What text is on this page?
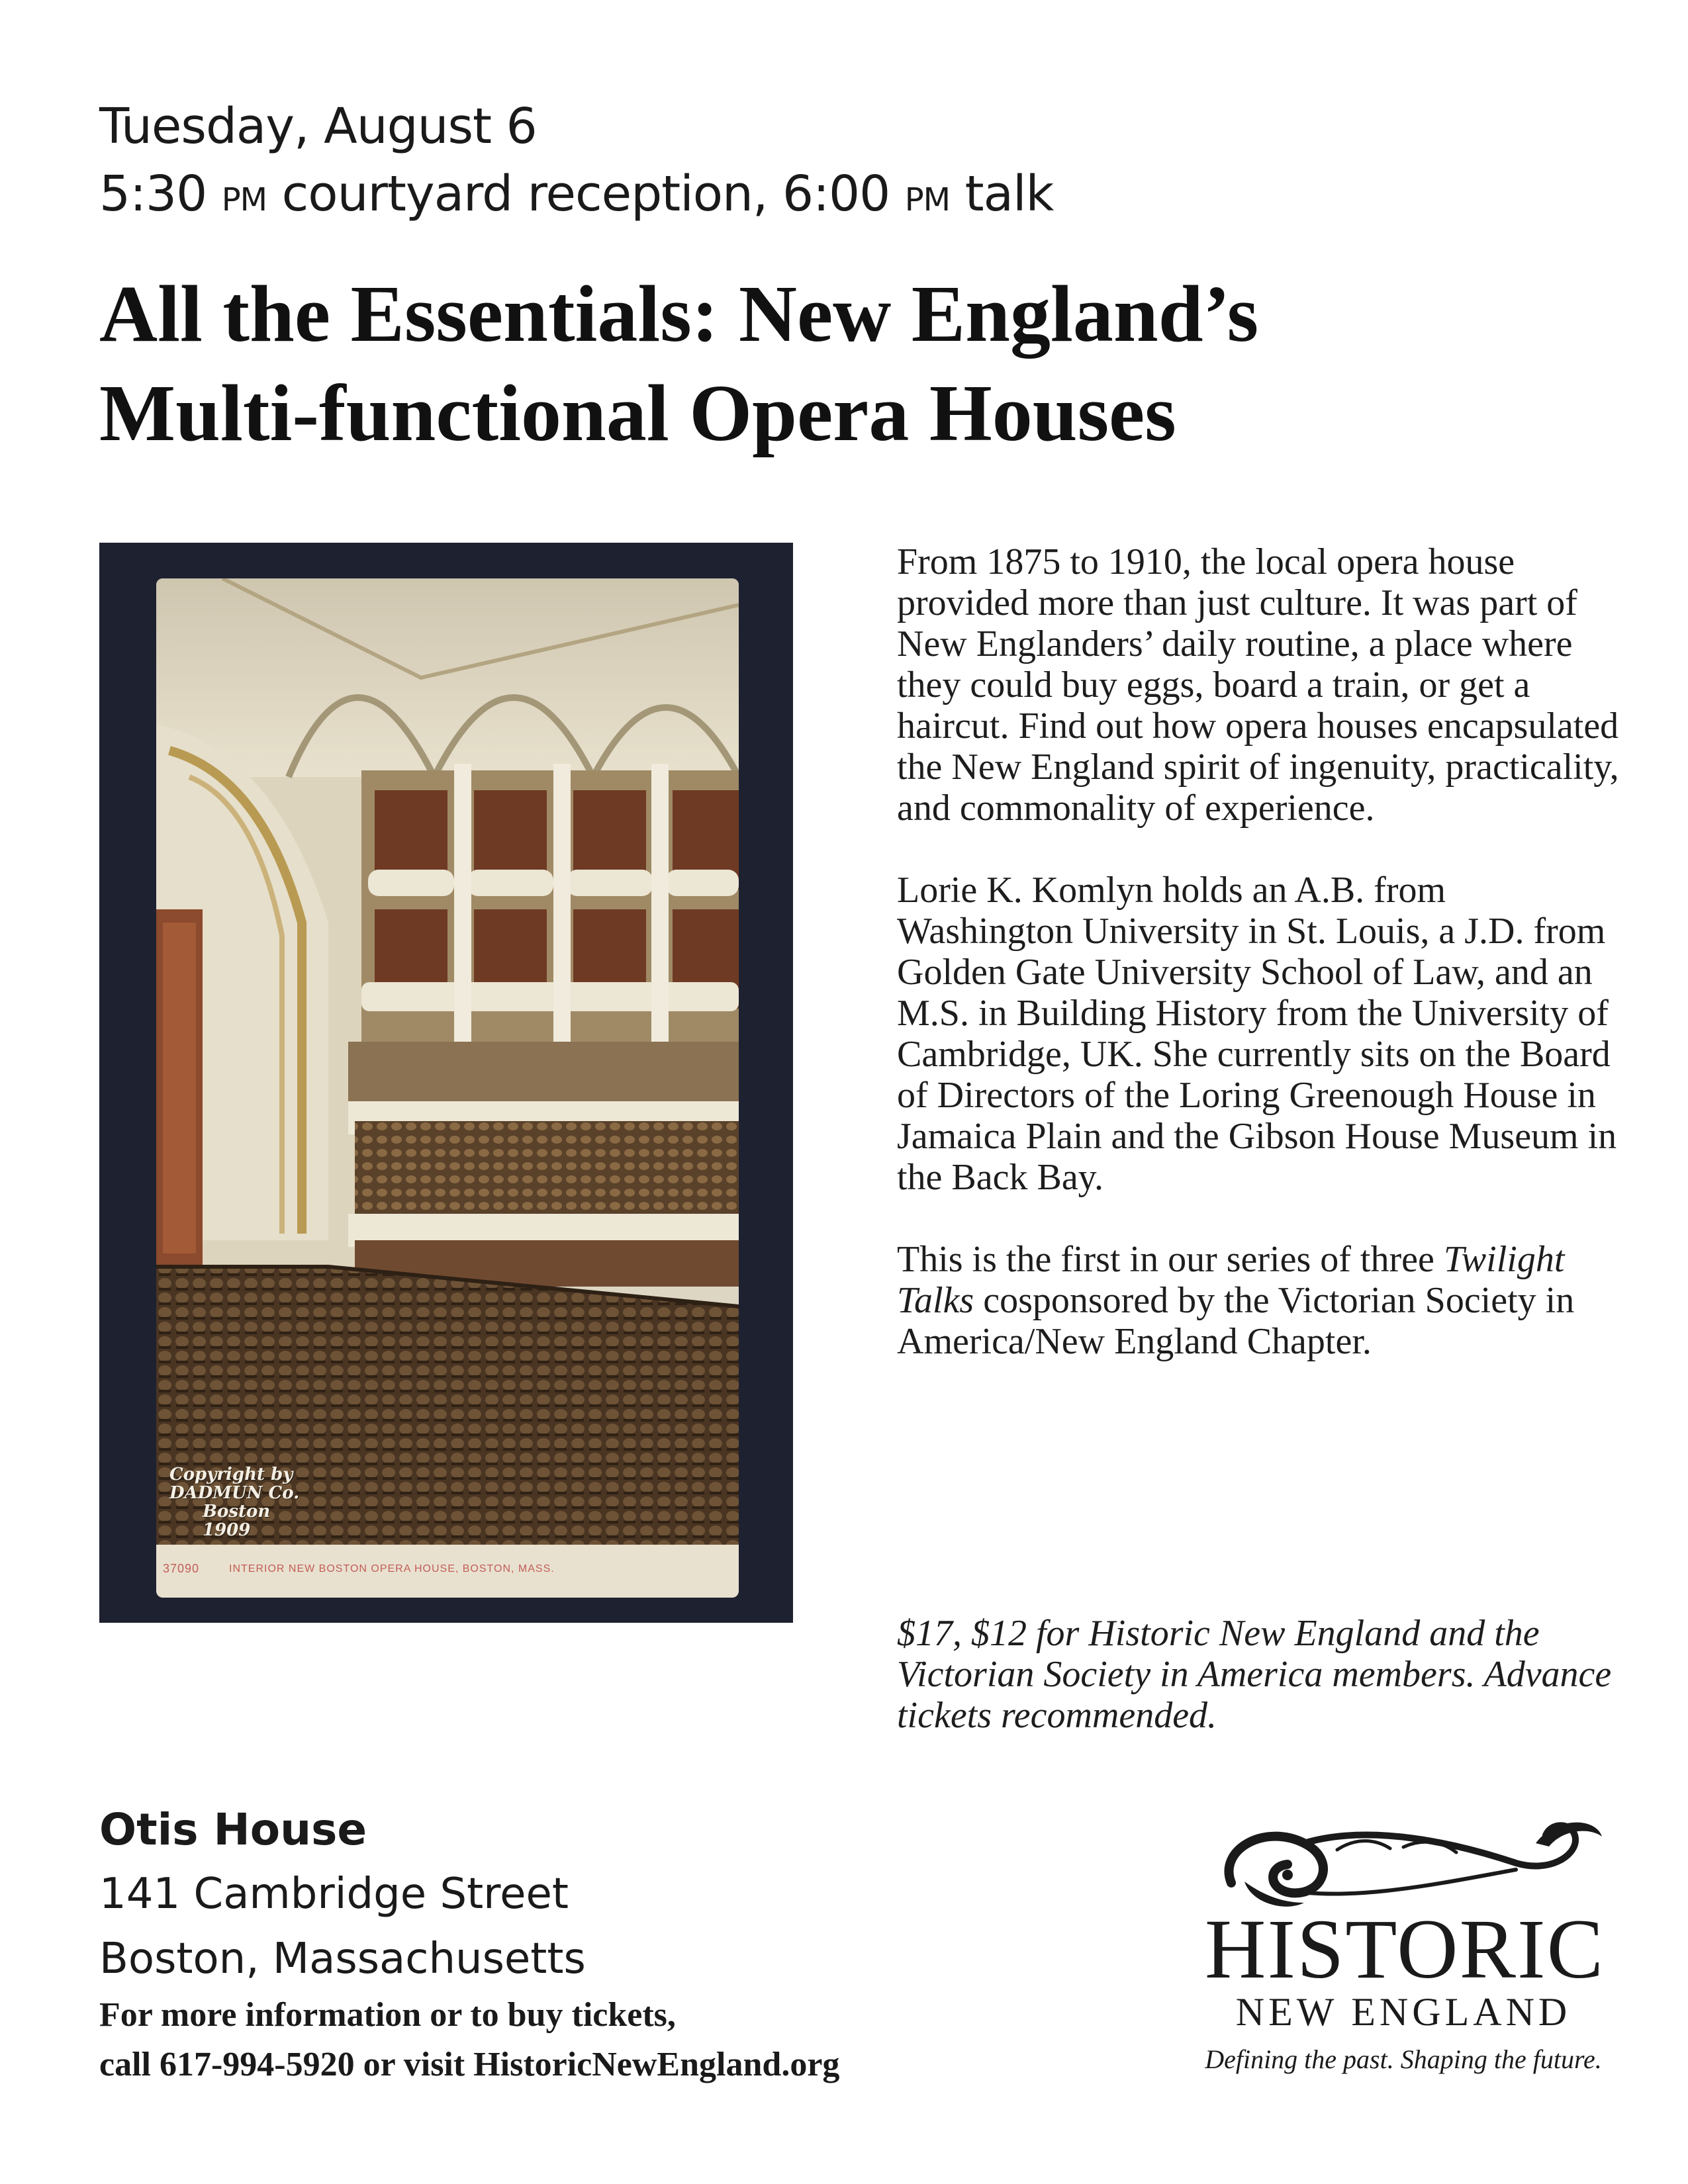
Tuesday, August 6
5:30 PM courtyard reception, 6:00 PM talk
All the Essentials: New England’s
Multi-functional Opera Houses
Copyright by
DADMUN Co.
Boston 1909
37090	INTERIOR NEW BOSTON OPERA HOUSE, BOSTON, MASS.

From 1875 to 1910, the local opera house provided more than just culture. It was part of New Englanders’ daily routine, a place where they could buy eggs, board a train, or get a haircut. Find out how opera houses encapsulated the New England spirit of ingenuity, practicality, and commonality of experience.

Lorie K. Komlyn holds an A.B. from Washington University in St. Louis, a J.D. from Golden Gate University School of Law, and an M.S. in Building History from the University of Cambridge, UK. She currently sits on the Board of Directors of the Loring Greenough House in Jamaica Plain and the Gibson House Museum in the Back Bay.

This is the first in our series of three Twilight Talks cosponsored by the Victorian Society in America/New England Chapter.

$17, $12 for Historic New England and the Victorian Society in America members. Advance tickets recommended.
Otis House
141 Cambridge Street
Boston, Massachusetts
For more information or to buy tickets,
call 617-994-5920 or visit HistoricNewEngland.org
HISTORIC
NEW ENGLAND
Defining the past. Shaping the future.
